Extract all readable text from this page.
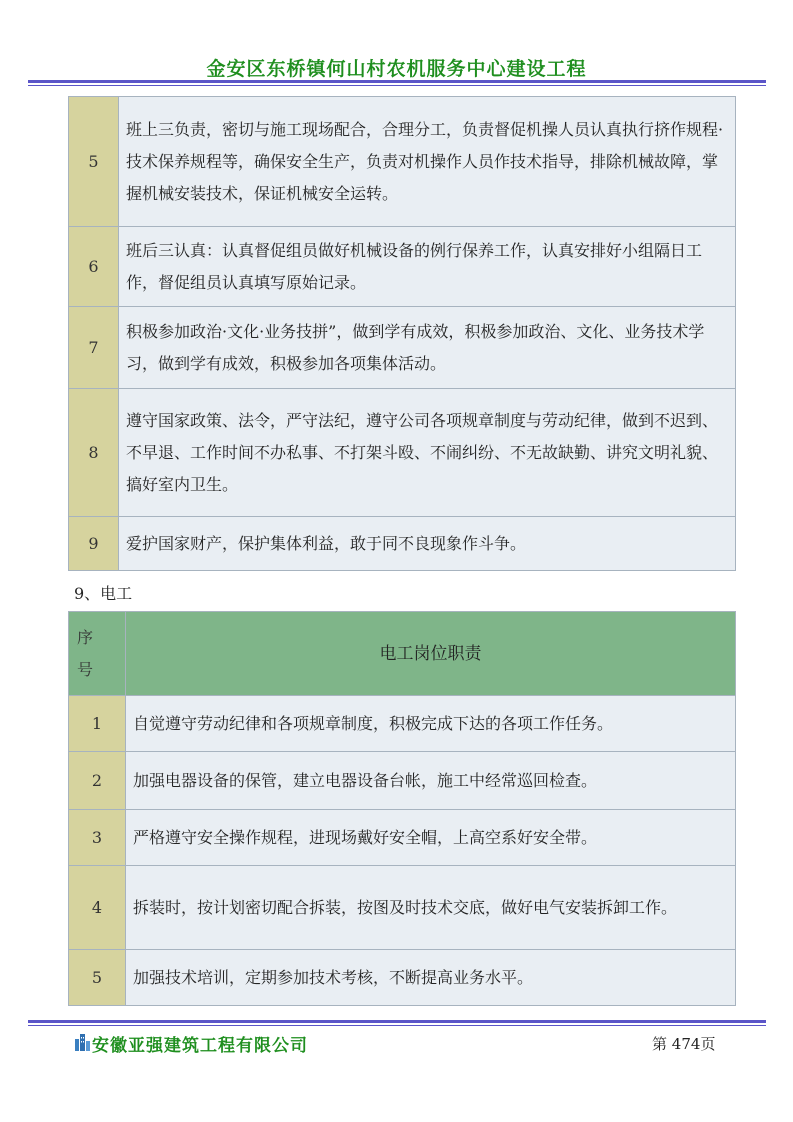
金安区东桥镇何山村农机服务中心建设工程
5	班上三负责，密切与施工现场配合，合理分工，负责督促机操人员认真执行挤作规程·技术保养规程等，确保安全生产，负责对机操作人员作技术指导，排除机械故障，掌握机械安装技术，保证机械安全运转。
6	班后三认真：认真督促组员做好机械设备的例行保养工作，认真安排好小组隔日工作，督促组员认真填写原始记录。
7	积极参加政治·文化·业务技拼”，做到学有成效，积极参加政治、文化、业务技术学习，做到学有成效，积极参加各项集体活动。
8	遵守国家政策、法令，严守法纪，遵守公司各项规章制度与劳动纪律，做到不迟到、不早退、工作时间不办私事、不打架斗殴、不闹纠纷、不无故缺勤、讲究文明礼貌、搞好室内卫生。
9	爱护国家财产，保护集体利益，敢于同不良现象作斗争。
9、电工
序
号	电工岗位职责
1	自觉遵守劳动纪律和各项规章制度，积极完成下达的各项工作任务。
2	加强电器设备的保管，建立电器设备台帐，施工中经常巡回检查。
3	严格遵守安全操作规程，进现场戴好安全帽，上高空系好安全带。
4	拆装时，按计划密切配合拆装，按图及时技术交底，做好电气安装拆卸工作。
5	加强技术培训，定期参加技术考核，不断提高业务水平。
安徽亚强建筑工程有限公司	第 474页
